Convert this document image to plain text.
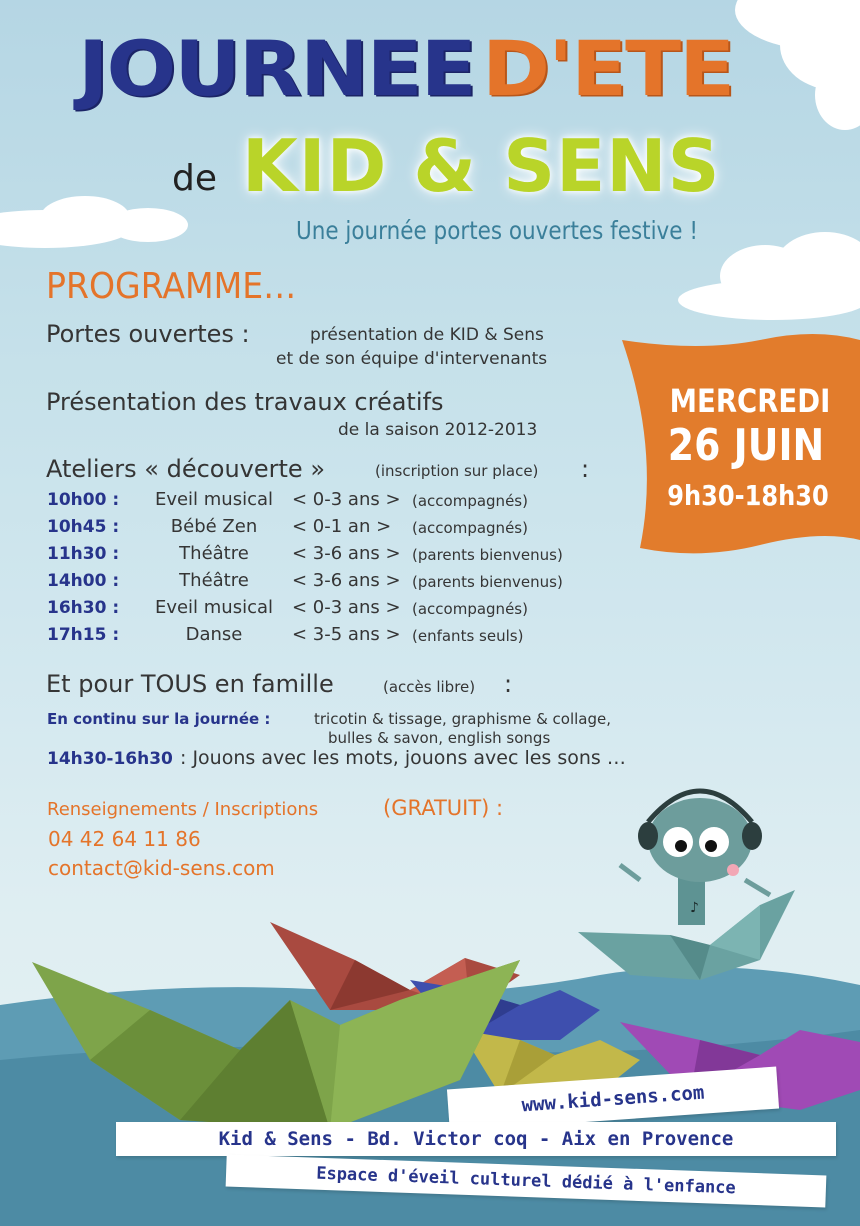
JOURNEE D'ETE
de KID & SENS
Une journée portes ouvertes festive !
PROGRAMME…
Portes ouvertes :	présentation de KID & Sens
et de son équipe d'intervenants
Présentation des travaux créatifs
de la saison 2012-2013
Ateliers « découverte »	(inscription sur place) :
10h00 :	Eveil musical	< 0-3 ans > (accompagnés)
10h45 :	Bébé Zen	< 0-1 an > (accompagnés)
11h30 :	Théâtre	< 3-6 ans > (parents bienvenus)
14h00 :	Théâtre	< 3-6 ans > (parents bienvenus)
16h30 :	Eveil musical	< 0-3 ans > (accompagnés)
17h15 :	Danse	< 3-5 ans > (enfants seuls)
Et pour TOUS en famille	(accès libre) :
En continu sur la journée :	tricotin & tissage, graphisme & collage,
bulles & savon, english songs
14h30-16h30 : Jouons avec les mots, jouons avec les sons …
Renseignements / Inscriptions	(GRATUIT) :
04 42 64 11 86
contact@kid-sens.com
MERCREDI
26 JUIN
9h30-18h30
♪
www.kid-sens.com
Kid & Sens - Bd. Victor coq - Aix en Provence
Espace d'éveil culturel dédié à l'enfance
